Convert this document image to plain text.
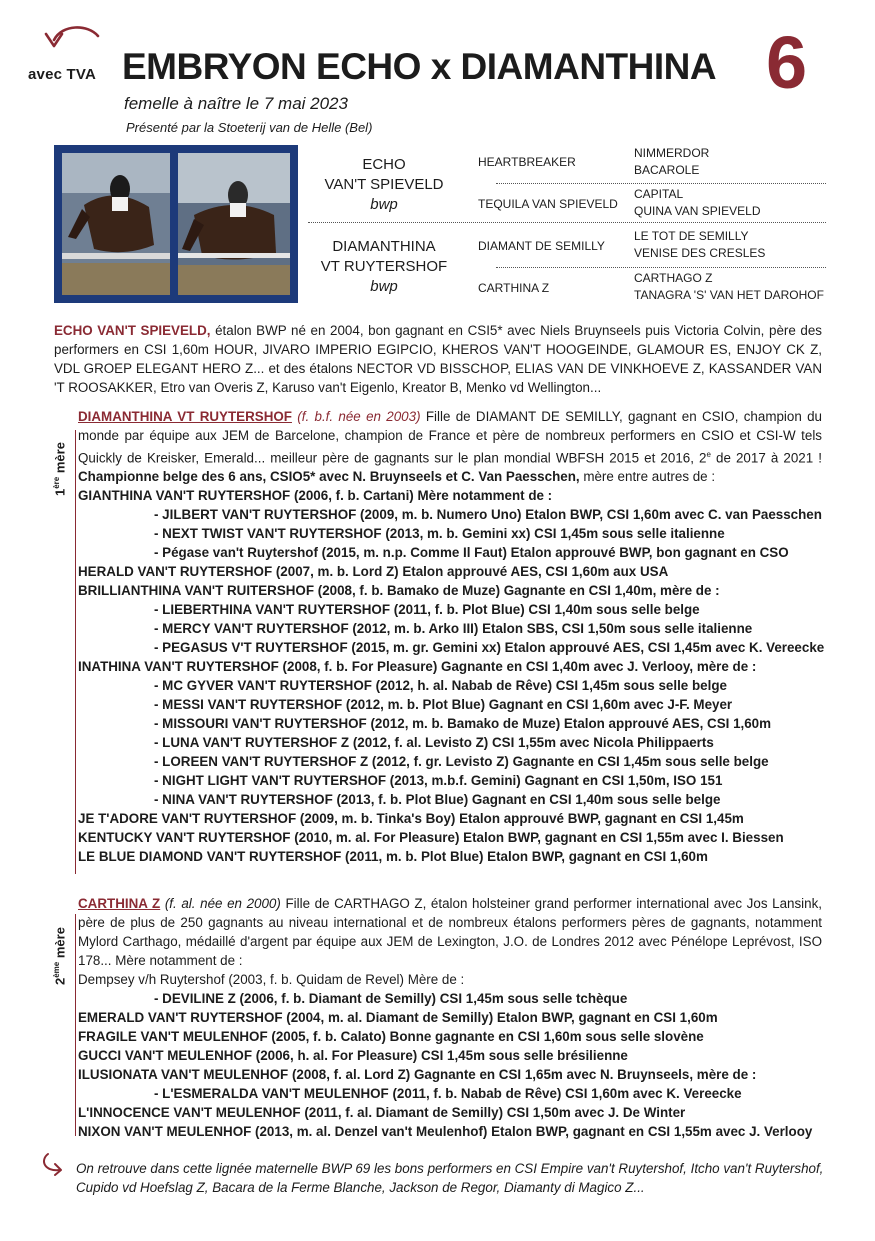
avec TVA EMBRYON ECHO x DIAMANTHINA 6
femelle à naître le 7 mai 2023
Présenté par la Stoeterij van de Helle (Bel)
ECHO
VAN'T SPIEVELD
bwp
DIAMANTHINA
VT RUYTERSHOF
bwp
HEARTBREAKER
TEQUILA VAN SPIEVELD
DIAMANT DE SEMILLY
CARTHINA Z
NIMMERDOR
BACAROLE
CAPITAL
QUINA VAN SPIEVELD
LE TOT DE SEMILLY
VENISE DES CRESLES
CARTHAGO Z
TANAGRA 'S' VAN HET DAROHOF
ECHO VAN'T SPIEVELD, étalon BWP né en 2004, bon gagnant en CSI5* avec Niels Bruynseels puis Victoria Colvin, père des performers en CSI 1,60m HOUR, JIVARO IMPERIO EGIPCIO, KHEROS VAN'T HOOGEINDE, GLAMOUR ES, ENJOY CK Z, VDL GROEP ELEGANT HERO Z... et des étalons NECTOR VD BISSCHOP, ELIAS VAN DE VINKHOEVE Z, KASSANDER VAN 'T ROOSAKKER, Etro van Overis Z, Karuso van't Eigenlo, Kreator B, Menko vd Wellington...
1ère mère
DIAMANTHINA VT RUYTERSHOF (f. b.f. née en 2003) Fille de DIAMANT DE SEMILLY, gagnant en CSIO, champion du monde par équipe aux JEM de Barcelone, champion de France et père de nombreux performers en CSIO et CSI-W tels Quickly de Kreisker, Emerald... meilleur père de gagnants sur le plan mondial WBFSH 2015 et 2016, 2e de 2017 à 2021 ! Championne belge des 6 ans, CSIO5* avec N. Bruynseels et C. Van Paesschen, mère entre autres de :
GIANTHINA VAN'T RUYTERSHOF (2006, f. b. Cartani) Mère notamment de :
- JILBERT VAN'T RUYTERSHOF (2009, m. b. Numero Uno) Etalon BWP, CSI 1,60m avec C. van Paesschen
- NEXT TWIST VAN'T RUYTERSHOF (2013, m. b. Gemini xx) CSI 1,45m sous selle italienne
- Pégase van't Ruytershof (2015, m. n.p. Comme Il Faut) Etalon approuvé BWP, bon gagnant en CSO
HERALD VAN'T RUYTERSHOF (2007, m. b. Lord Z) Etalon approuvé AES, CSI 1,60m aux USA
BRILLIANTHINA VAN'T RUITERSHOF (2008, f. b. Bamako de Muze) Gagnante en CSI 1,40m, mère de :
- LIEBERTHINA VAN'T RUYTERSHOF (2011, f. b. Plot Blue) CSI 1,40m sous selle belge
- MERCY VAN'T RUYTERSHOF (2012, m. b. Arko III) Etalon SBS, CSI 1,50m sous selle italienne
- PEGASUS V'T RUYTERSHOF (2015, m. gr. Gemini xx) Etalon approuvé AES, CSI 1,45m avec K. Vereecke
INATHINA VAN'T RUYTERSHOF (2008, f. b. For Pleasure) Gagnante en CSI 1,40m avec J. Verlooy, mère de :
- MC GYVER VAN'T RUYTERSHOF (2012, h. al. Nabab de Rêve) CSI 1,45m sous selle belge
- MESSI VAN'T RUYTERSHOF (2012, m. b. Plot Blue) Gagnant en CSI 1,60m avec J-F. Meyer
- MISSOURI VAN'T RUYTERSHOF (2012, m. b. Bamako de Muze) Etalon approuvé AES, CSI 1,60m
- LUNA VAN'T RUYTERSHOF Z (2012, f. al. Levisto Z) CSI 1,55m avec Nicola Philippaerts
- LOREEN VAN'T RUYTERSHOF Z (2012, f. gr. Levisto Z) Gagnante en CSI 1,45m sous selle belge
- NIGHT LIGHT VAN'T RUYTERSHOF (2013, m.b.f. Gemini) Gagnant en CSI 1,50m, ISO 151
- NINA VAN'T RUYTERSHOF (2013, f. b. Plot Blue) Gagnant en CSI 1,40m sous selle belge
JE T'ADORE VAN'T RUYTERSHOF (2009, m. b. Tinka's Boy) Etalon approuvé BWP, gagnant en CSI 1,45m
KENTUCKY VAN'T RUYTERSHOF (2010, m. al. For Pleasure) Etalon BWP, gagnant en CSI 1,55m avec I. Biessen
LE BLUE DIAMOND VAN'T RUYTERSHOF (2011, m. b. Plot Blue) Etalon BWP, gagnant en CSI 1,60m
2ème mère
CARTHINA Z (f. al. née en 2000) Fille de CARTHAGO Z, étalon holsteiner grand performer international avec Jos Lansink, père de plus de 250 gagnants au niveau international et de nombreux étalons performers pères de gagnants, notamment Mylord Carthago, médaillé d'argent par équipe aux JEM de Lexington, J.O. de Londres 2012 avec Pénélope Leprévost, ISO 178... Mère notamment de :
Dempsey v/h Ruytershof (2003, f. b. Quidam de Revel) Mère de :
- DEVILINE Z (2006, f. b. Diamant de Semilly) CSI 1,45m sous selle tchèque
EMERALD VAN'T RUYTERSHOF (2004, m. al. Diamant de Semilly) Etalon BWP, gagnant en CSI 1,60m
FRAGILE VAN'T MEULENHOF (2005, f. b. Calato) Bonne gagnante en CSI 1,60m sous selle slovène
GUCCI VAN'T MEULENHOF (2006, h. al. For Pleasure) CSI 1,45m sous selle brésilienne
ILUSIONATA VAN'T MEULENHOF (2008, f. al. Lord Z) Gagnante en CSI 1,65m avec N. Bruynseels, mère de :
- L'ESMERALDA VAN'T MEULENHOF (2011, f. b. Nabab de Rêve) CSI 1,60m avec K. Vereecke
L'INNOCENCE VAN'T MEULENHOF (2011, f. al. Diamant de Semilly) CSI 1,50m avec J. De Winter
NIXON VAN'T MEULENHOF (2013, m. al. Denzel van't Meulenhof) Etalon BWP, gagnant en CSI 1,55m avec J. Verlooy
On retrouve dans cette lignée maternelle BWP 69 les bons performers en CSI Empire van't Ruytershof, Itcho van't Ruytershof, Cupido vd Hoefslag Z, Bacara de la Ferme Blanche, Jackson de Regor, Diamanty di Magico Z...
